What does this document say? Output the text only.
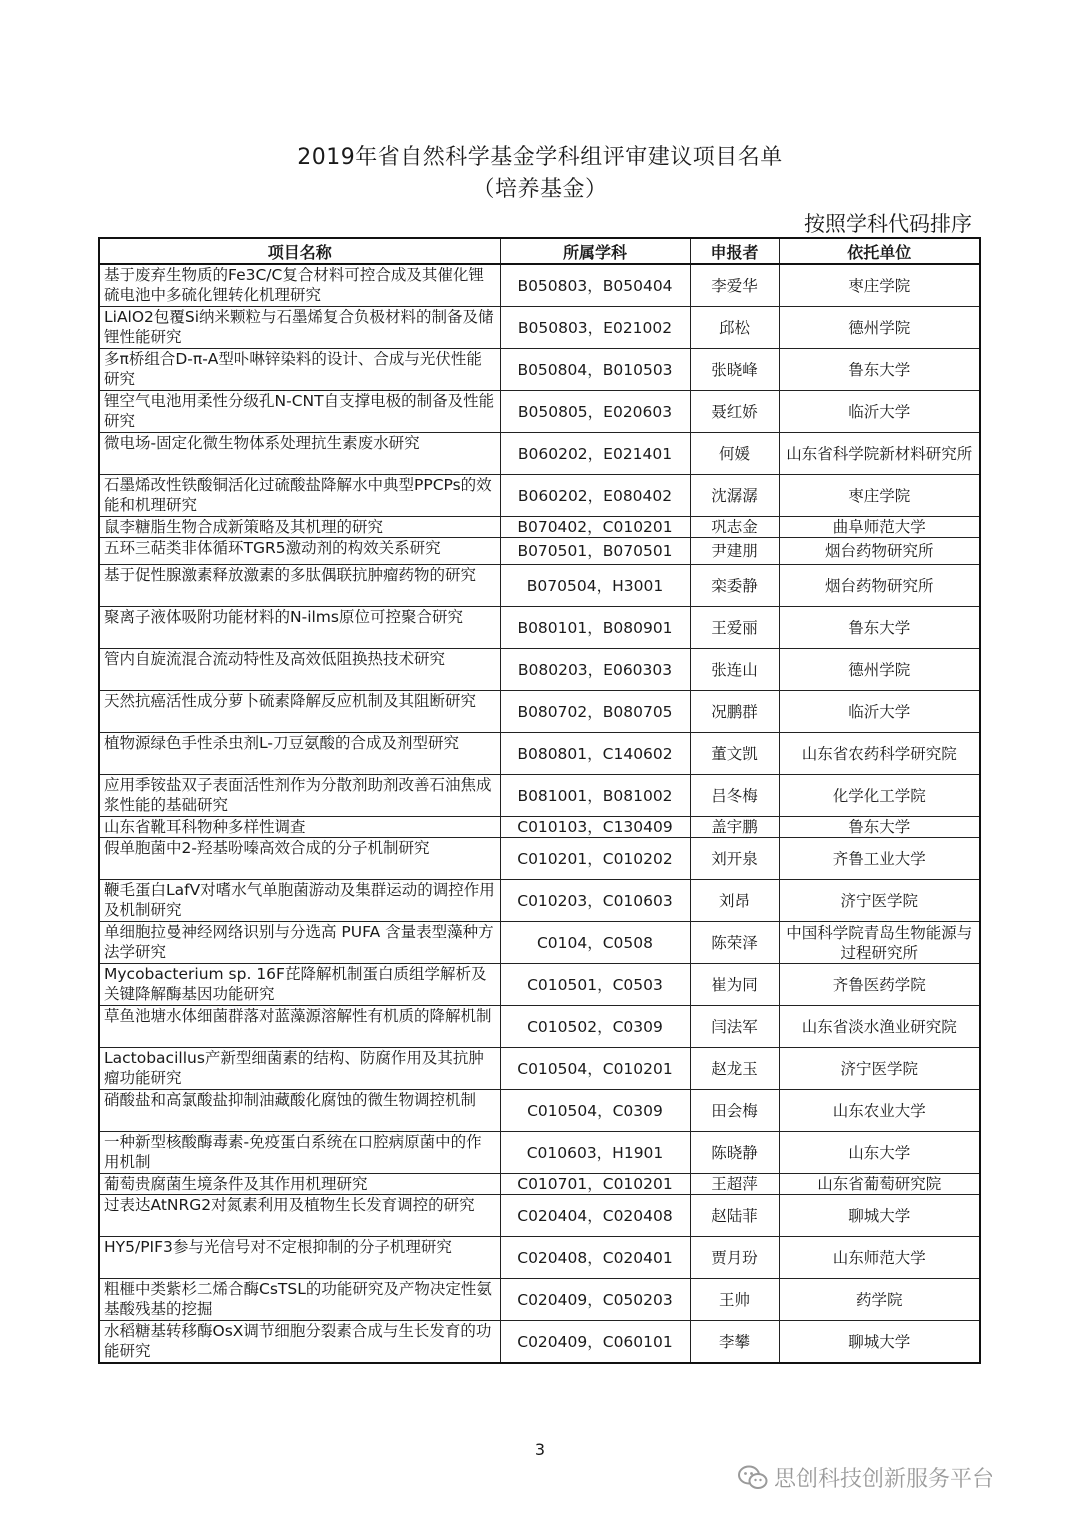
2019年省自然科学基金学科组评审建议项目名单
（培养基金）
按照学科代码排序
项目名称	所属学科	申报者	依托单位
基于废弃生物质的Fe3C/C复合材料可控合成及其催化锂硫电池中多硫化锂转化机理研究	B050803，B050404	李爱华	枣庄学院
LiAlO2包覆Si纳米颗粒与石墨烯复合负极材料的制备及储锂性能研究	B050803，E021002	邱松	德州学院
多π桥组合D-π-A型卟啉锌染料的设计、合成与光伏性能研究	B050804，B010503	张晓峰	鲁东大学
锂空气电池用柔性分级孔N-CNT自支撑电极的制备及性能研究	B050805，E020603	聂红娇	临沂大学
微电场-固定化微生物体系处理抗生素废水研究	B060202，E021401	何媛	山东省科学院新材料研究所
石墨烯改性铁酸铜活化过硫酸盐降解水中典型PPCPs的效能和机理研究	B060202，E080402	沈潺潺	枣庄学院
鼠李糖脂生物合成新策略及其机理的研究	B070402，C010201	巩志金	曲阜师范大学
五环三萜类非体循环TGR5激动剂的构效关系研究	B070501，B070501	尹建朋	烟台药物研究所
基于促性腺激素释放激素的多肽偶联抗肿瘤药物的研究	B070504，H3001	栾委静	烟台药物研究所
聚离子液体吸附功能材料的N-ilms原位可控聚合研究	B080101，B080901	王爱丽	鲁东大学
管内自旋流混合流动特性及高效低阻换热技术研究	B080203，E060303	张连山	德州学院
天然抗癌活性成分萝卜硫素降解反应机制及其阻断研究	B080702，B080705	况鹏群	临沂大学
植物源绿色手性杀虫剂L-刀豆氨酸的合成及剂型研究	B080801，C140602	董文凯	山东省农药科学研究院
应用季铵盐双子表面活性剂作为分散剂助剂改善石油焦成浆性能的基础研究	B081001，B081002	吕冬梅	化学化工学院
山东省靴耳科物种多样性调查	C010103，C130409	盖宇鹏	鲁东大学
假单胞菌中2-羟基吩嗪高效合成的分子机制研究	C010201，C010202	刘开泉	齐鲁工业大学
鞭毛蛋白LafV对嗜水气单胞菌游动及集群运动的调控作用及机制研究	C010203，C010603	刘昂	济宁医学院
单细胞拉曼神经网络识别与分选高 PUFA 含量表型藻种方法学研究	C0104，C0508	陈荣泽	中国科学院青岛生物能源与过程研究所
Mycobacterium sp. 16F芘降解机制蛋白质组学解析及关键降解酶基因功能研究	C010501，C0503	崔为同	齐鲁医药学院
草鱼池塘水体细菌群落对蓝藻源溶解性有机质的降解机制	C010502，C0309	闫法军	山东省淡水渔业研究院
Lactobacillus产新型细菌素的结构、防腐作用及其抗肿瘤功能研究	C010504，C010201	赵龙玉	济宁医学院
硝酸盐和高氯酸盐抑制油藏酸化腐蚀的微生物调控机制	C010504，C0309	田会梅	山东农业大学
一种新型核酸酶毒素-免疫蛋白系统在口腔病原菌中的作用机制	C010603，H1901	陈晓静	山东大学
葡萄贵腐菌生境条件及其作用机理研究	C010701，C010201	王超萍	山东省葡萄研究院
过表达AtNRG2对氮素利用及植物生长发育调控的研究	C020404，C020408	赵陆菲	聊城大学
HY5/PIF3参与光信号对不定根抑制的分子机理研究	C020408，C020401	贾月玢	山东师范大学
粗榧中类紫杉二烯合酶CsTSL的功能研究及产物决定性氨基酸残基的挖掘	C020409，C050203	王帅	药学院
水稻糖基转移酶OsX调节细胞分裂素合成与生长发育的功能研究	C020409，C060101	李攀	聊城大学
3
思创科技创新服务平台
